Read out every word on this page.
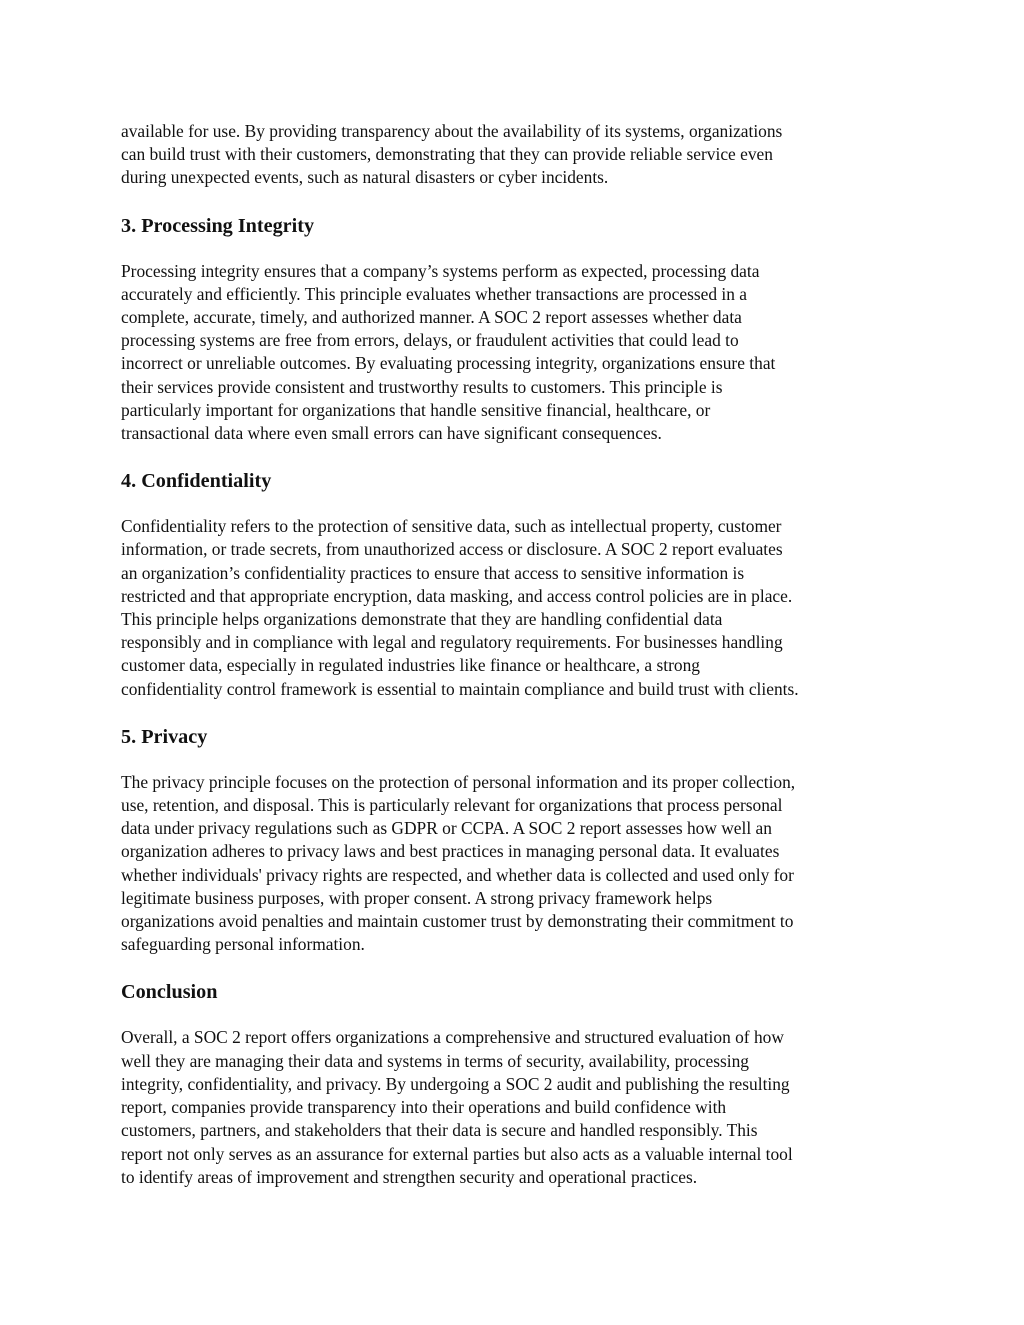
available for use. By providing transparency about the availability of its systems, organizations
can build trust with their customers, demonstrating that they can provide reliable service even
during unexpected events, such as natural disasters or cyber incidents.

3. Processing Integrity

Processing integrity ensures that a company’s systems perform as expected, processing data
accurately and efficiently. This principle evaluates whether transactions are processed in a
complete, accurate, timely, and authorized manner. A SOC 2 report assesses whether data
processing systems are free from errors, delays, or fraudulent activities that could lead to
incorrect or unreliable outcomes. By evaluating processing integrity, organizations ensure that
their services provide consistent and trustworthy results to customers. This principle is
particularly important for organizations that handle sensitive financial, healthcare, or
transactional data where even small errors can have significant consequences.

4. Confidentiality

Confidentiality refers to the protection of sensitive data, such as intellectual property, customer
information, or trade secrets, from unauthorized access or disclosure. A SOC 2 report evaluates
an organization’s confidentiality practices to ensure that access to sensitive information is
restricted and that appropriate encryption, data masking, and access control policies are in place.
This principle helps organizations demonstrate that they are handling confidential data
responsibly and in compliance with legal and regulatory requirements. For businesses handling
customer data, especially in regulated industries like finance or healthcare, a strong
confidentiality control framework is essential to maintain compliance and build trust with clients.

5. Privacy

The privacy principle focuses on the protection of personal information and its proper collection,
use, retention, and disposal. This is particularly relevant for organizations that process personal
data under privacy regulations such as GDPR or CCPA. A SOC 2 report assesses how well an
organization adheres to privacy laws and best practices in managing personal data. It evaluates
whether individuals' privacy rights are respected, and whether data is collected and used only for
legitimate business purposes, with proper consent. A strong privacy framework helps
organizations avoid penalties and maintain customer trust by demonstrating their commitment to
safeguarding personal information.

Conclusion

Overall, a SOC 2 report offers organizations a comprehensive and structured evaluation of how
well they are managing their data and systems in terms of security, availability, processing
integrity, confidentiality, and privacy. By undergoing a SOC 2 audit and publishing the resulting
report, companies provide transparency into their operations and build confidence with
customers, partners, and stakeholders that their data is secure and handled responsibly. This
report not only serves as an assurance for external parties but also acts as a valuable internal tool
to identify areas of improvement and strengthen security and operational practices.
